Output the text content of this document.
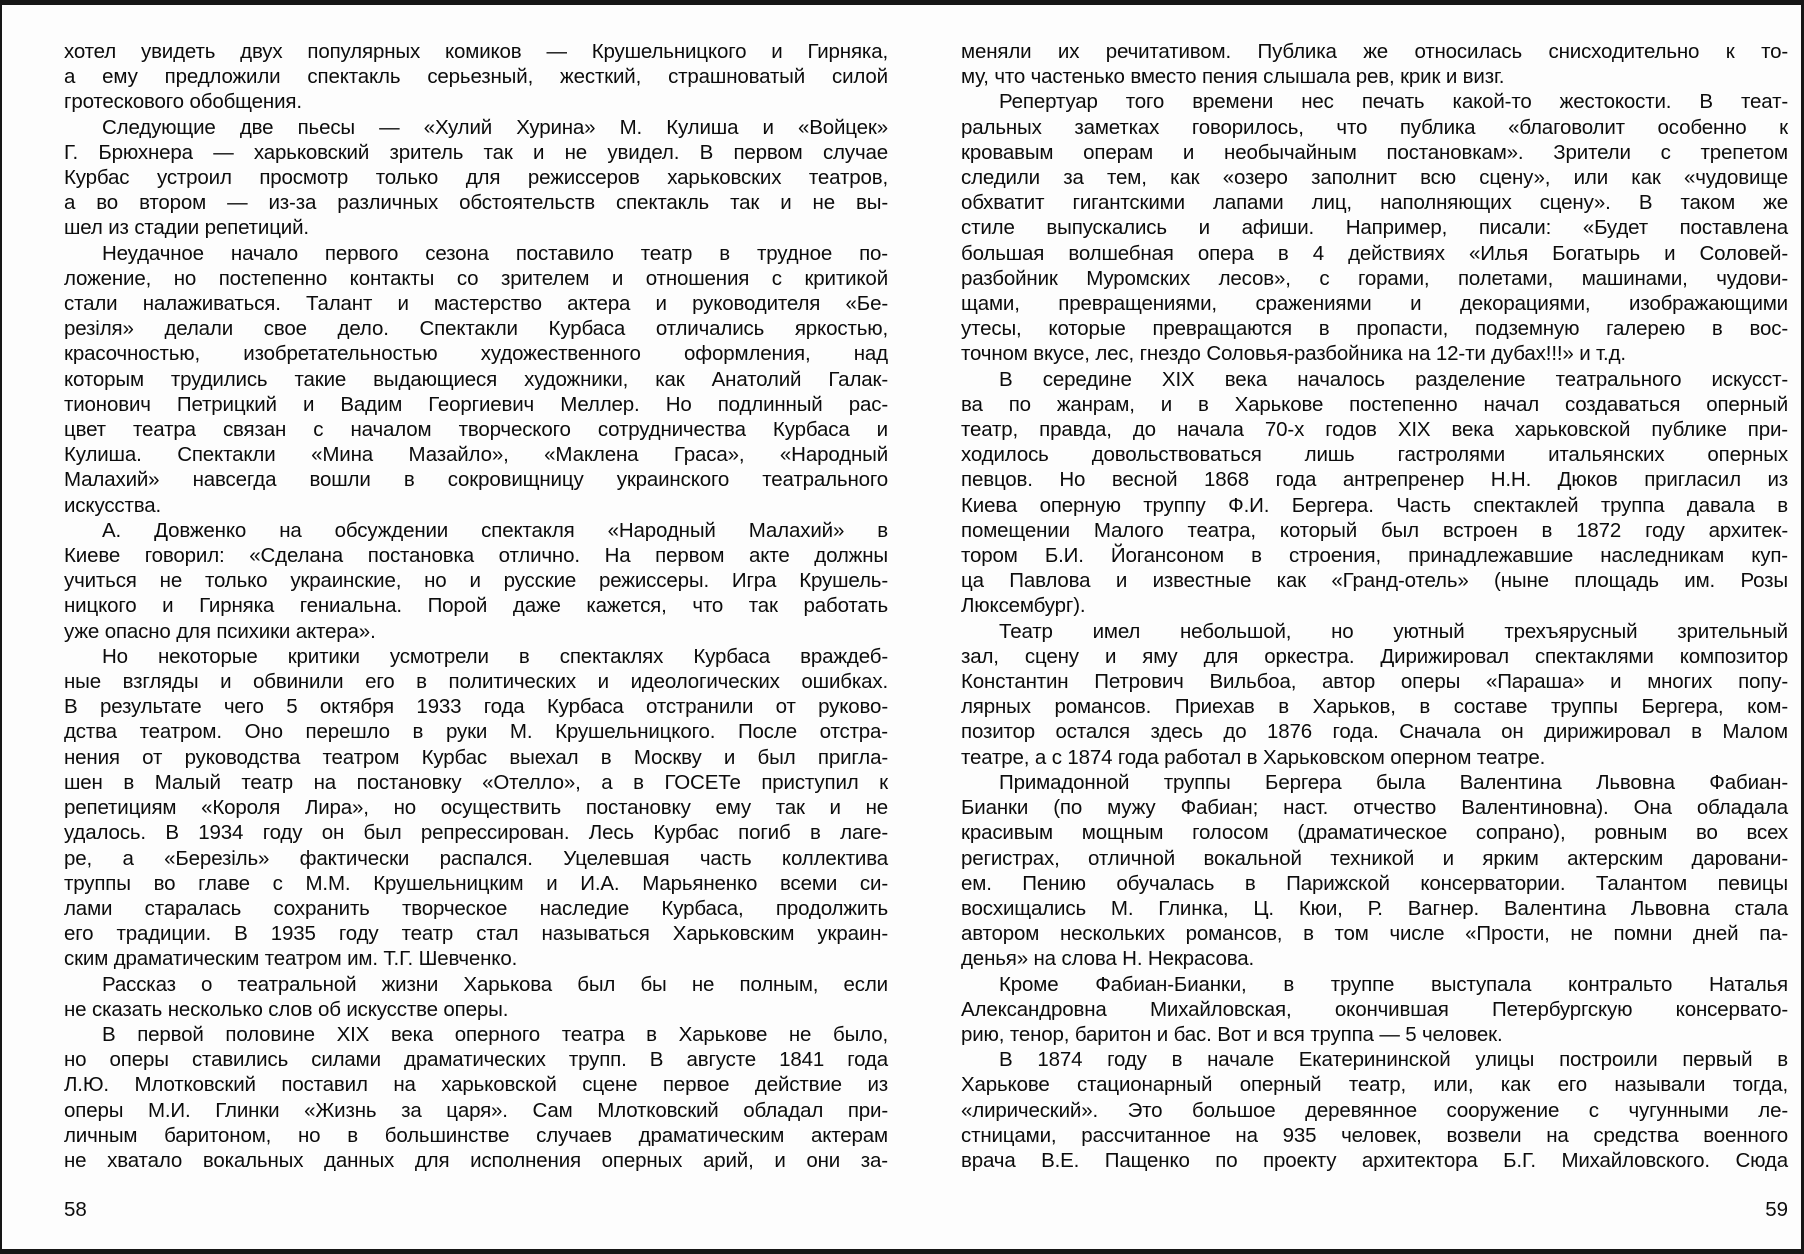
хотел увидеть двух популярных комиков — Крушельницкого и Гирняка,
а ему предложили спектакль серьезный, жесткий, страшноватый силой
гротескового обобщения.
Следующие две пьесы — «Хулий Хурина» М. Кулиша и «Войцек»
Г. Брюхнера — харьковский зритель так и не увидел. В первом случае
Курбас устроил просмотр только для режиссеров харьковских театров,
а во втором — из-за различных обстоятельств спектакль так и не вы-
шел из стадии репетиций.
Неудачное начало первого сезона поставило театр в трудное по-
ложение, но постепенно контакты со зрителем и отношения с критикой
стали налаживаться. Талант и мастерство актера и руководителя «Бе-
резіля» делали свое дело. Спектакли Курбаса отличались яркостью,
красочностью, изобретательностью художественного оформления, над
которым трудились такие выдающиеся художники, как Анатолий Галак-
тионович Петрицкий и Вадим Георгиевич Меллер. Но подлинный рас-
цвет театра связан с началом творческого сотрудничества Курбаса и
Кулиша. Спектакли «Мина Мазайло», «Маклена Граса», «Народный
Малахий» навсегда вошли в сокровищницу украинского театрального
искусства.
А. Довженко на обсуждении спектакля «Народный Малахий» в
Киеве говорил: «Сделана постановка отлично. На первом акте должны
учиться не только украинские, но и русские режиссеры. Игра Крушель-
ницкого и Гирняка гениальна. Порой даже кажется, что так работать
уже опасно для психики актера».
Но некоторые критики усмотрели в спектаклях Курбаса враждеб-
ные взгляды и обвинили его в политических и идеологических ошибках.
В результате чего 5 октября 1933 года Курбаса отстранили от руково-
дства театром. Оно перешло в руки М. Крушельницкого. После отстра-
нения от руководства театром Курбас выехал в Москву и был пригла-
шен в Малый театр на постановку «Отелло», а в ГОСЕТе приступил к
репетициям «Короля Лира», но осуществить постановку ему так и не
удалось. В 1934 году он был репрессирован. Лесь Курбас погиб в лаге-
ре, а «Березіль» фактически распался. Уцелевшая часть коллектива
труппы во главе с М.М. Крушельницким и И.А. Марьяненко всеми си-
лами старалась сохранить творческое наследие Курбаса, продолжить
его традиции. В 1935 году театр стал называться Харьковским украин-
ским драматическим театром им. Т.Г. Шевченко.
Рассказ о театральной жизни Харькова был бы не полным, если
не сказать несколько слов об искусстве оперы.
В первой половине XIX века оперного театра в Харькове не было,
но оперы ставились силами драматических трупп. В августе 1841 года
Л.Ю. Млотковский поставил на харьковской сцене первое действие из
оперы М.И. Глинки «Жизнь за царя». Сам Млотковский обладал при-
личным баритоном, но в большинстве случаев драматическим актерам
не хватало вокальных данных для исполнения оперных арий, и они за-
меняли их речитативом. Публика же относилась снисходительно к то-
му, что частенько вместо пения слышала рев, крик и визг.
Репертуар того времени нес печать какой-то жестокости. В теат-
ральных заметках говорилось, что публика «благоволит особенно к
кровавым операм и необычайным постановкам». Зрители с трепетом
следили за тем, как «озеро заполнит всю сцену», или как «чудовище
обхватит гигантскими лапами лиц, наполняющих сцену». В таком же
стиле выпускались и афиши. Например, писали: «Будет поставлена
большая волшебная опера в 4 действиях «Илья Богатырь и Соловей-
разбойник Муромских лесов», с горами, полетами, машинами, чудови-
щами, превращениями, сражениями и декорациями, изображающими
утесы, которые превращаются в пропасти, подземную галерею в вос-
точном вкусе, лес, гнездо Соловья-разбойника на 12-ти дубах!!!» и т.д.
В середине XIX века началось разделение театрального искусст-
ва по жанрам, и в Харькове постепенно начал создаваться оперный
театр, правда, до начала 70-х годов XIX века харьковской публике при-
ходилось довольствоваться лишь гастролями итальянских оперных
певцов. Но весной 1868 года антрепренер Н.Н. Дюков пригласил из
Киева оперную труппу Ф.И. Бергера. Часть спектаклей труппа давала в
помещении Малого театра, который был встроен в 1872 году архитек-
тором Б.И. Йогансоном в строения, принадлежавшие наследникам куп-
ца Павлова и известные как «Гранд-отель» (ныне площадь им. Розы
Люксембург).
Театр имел небольшой, но уютный трехъярусный зрительный
зал, сцену и яму для оркестра. Дирижировал спектаклями композитор
Константин Петрович Вильбоа, автор оперы «Параша» и многих попу-
лярных романсов. Приехав в Харьков, в составе труппы Бергера, ком-
позитор остался здесь до 1876 года. Сначала он дирижировал в Малом
театре, а с 1874 года работал в Харьковском оперном театре.
Примадонной труппы Бергера была Валентина Львовна Фабиан-
Бианки (по мужу Фабиан; наст. отчество Валентиновна). Она обладала
красивым мощным голосом (драматическое сопрано), ровным во всех
регистрах, отличной вокальной техникой и ярким актерским даровани-
ем. Пению обучалась в Парижской консерватории. Талантом певицы
восхищались М. Глинка, Ц. Кюи, Р. Вагнер. Валентина Львовна стала
автором нескольких романсов, в том числе «Прости, не помни дней па-
денья» на слова Н. Некрасова.
Кроме Фабиан-Бианки, в труппе выступала контральто Наталья
Александровна Михайловская, окончившая Петербургскую консервато-
рию, тенор, баритон и бас. Вот и вся труппа — 5 человек.
В 1874 году в начале Екатерининской улицы построили первый в
Харькове стационарный оперный театр, или, как его называли тогда,
«лирический». Это большое деревянное сооружение с чугунными ле-
стницами, рассчитанное на 935 человек, возвели на средства военного
врача В.Е. Пащенко по проекту архитектора Б.Г. Михайловского. Сюда
58	59
